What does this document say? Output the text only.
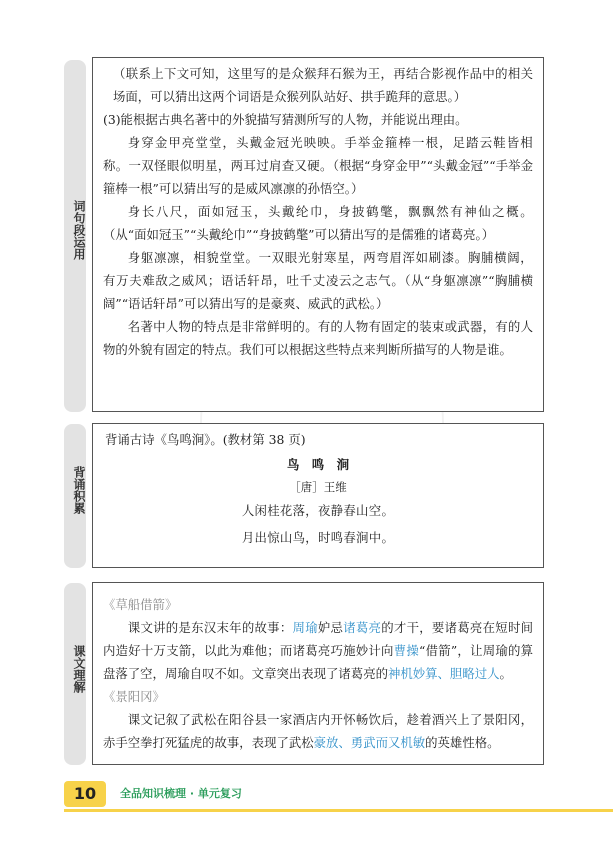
词句段运用

（联系上下文可知，这里写的是众猴拜石猴为王，再结合影视作品中的相关场面，可以猜出这两个词语是众猴列队站好、拱手跪拜的意思。）

(3)能根据古典名著中的外貌描写猜测所写的人物，并能说出理由。

身穿金甲亮堂堂，头戴金冠光映映。手举金箍棒一根，足踏云鞋皆相称。一双怪眼似明星，两耳过肩查又硬。（根据“身穿金甲”“头戴金冠”“手举金箍棒一根”可以猜出写的是威风凛凛的孙悟空。）

身长八尺，面如冠玉，头戴纶巾，身披鹤氅，飘飘然有神仙之概。（从“面如冠玉”“头戴纶巾”“身披鹤氅”可以猜出写的是儒雅的诸葛亮。）

身躯凛凛，相貌堂堂。一双眼光射寒星，两弯眉浑如刷漆。胸脯横阔，有万夫难敌之威风；语话轩昂，吐千丈凌云之志气。（从“身躯凛凛”“胸脯横阔”“语话轩昂”可以猜出写的是豪爽、威武的武松。）

名著中人物的特点是非常鲜明的。有的人物有固定的装束或武器，有的人物的外貌有固定的特点。我们可以根据这些特点来判断所描写的人物是谁。

背诵积累

背诵古诗《鸟鸣涧》。(教材第 38 页)

鸟　鸣　涧

［唐］王维

人闲桂花落，夜静春山空。

月出惊山鸟，时鸣春涧中。

课文理解

《草船借箭》

课文讲的是东汉末年的故事：周瑜妒忌诸葛亮的才干，要诸葛亮在短时间内造好十万支箭，以此为难他；而诸葛亮巧施妙计向曹操“借箭”，让周瑜的算盘落了空，周瑜自叹不如。文章突出表现了诸葛亮的神机妙算、胆略过人。

《景阳冈》

课文记叙了武松在阳谷县一家酒店内开怀畅饮后，趁着酒兴上了景阳冈，赤手空拳打死猛虎的故事，表现了武松豪放、勇武而又机敏的英雄性格。

10	全品知识梳理 · 单元复习
